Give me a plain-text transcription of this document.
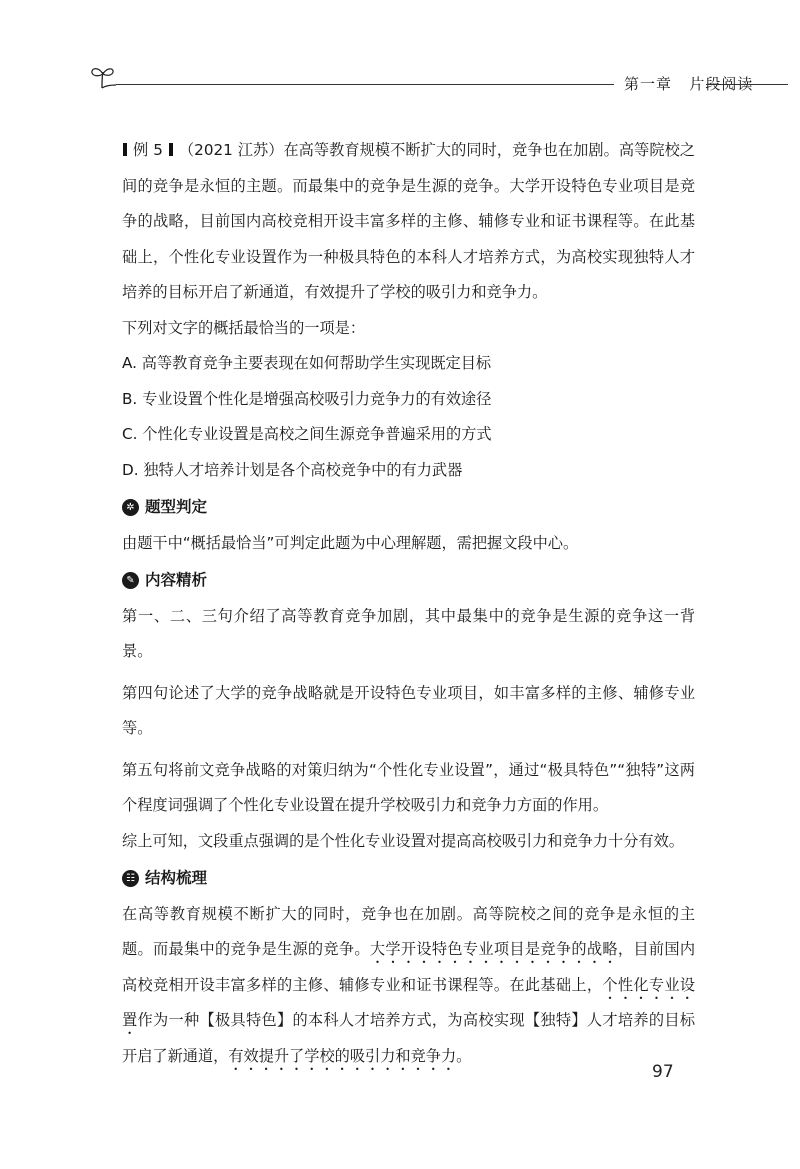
第一章 片段阅读

例 5 （2021 江苏）在高等教育规模不断扩大的同时，竞争也在加剧。高等院校之间的竞争是永恒的主题。而最集中的竞争是生源的竞争。大学开设特色专业项目是竞争的战略，目前国内高校竞相开设丰富多样的主修、辅修专业和证书课程等。在此基础上，个性化专业设置作为一种极具特色的本科人才培养方式，为高校实现独特人才培养的目标开启了新通道，有效提升了学校的吸引力和竞争力。

下列对文字的概括最恰当的一项是：

A. 高等教育竞争主要表现在如何帮助学生实现既定目标

B. 专业设置个性化是增强高校吸引力竞争力的有效途径

C. 个性化专业设置是高校之间生源竞争普遍采用的方式

D. 独特人才培养计划是各个高校竞争中的有力武器

✲ 题型判定

由题干中“概括最恰当”可判定此题为中心理解题，需把握文段中心。

✎ 内容精析

第一、二、三句介绍了高等教育竞争加剧，其中最集中的竞争是生源的竞争这一背景。

第四句论述了大学的竞争战略就是开设特色专业项目，如丰富多样的主修、辅修专业等。

第五句将前文竞争战略的对策归纳为“个性化专业设置”，通过“极具特色”“独特”这两个程度词强调了个性化专业设置在提升学校吸引力和竞争力方面的作用。

综上可知，文段重点强调的是个性化专业设置对提高高校吸引力和竞争力十分有效。

☷ 结构梳理

在高等教育规模不断扩大的同时，竞争也在加剧。高等院校之间的竞争是永恒的主题。而最集中的竞争是生源的竞争。大学开设特色专业项目是竞争的战略，目前国内高校竞相开设丰富多样的主修、辅修专业和证书课程等。在此基础上，个性化专业设置作为一种【极具特色】的本科人才培养方式，为高校实现【独特】人才培养的目标开启了新通道，有效提升了学校的吸引力和竞争力。

97
